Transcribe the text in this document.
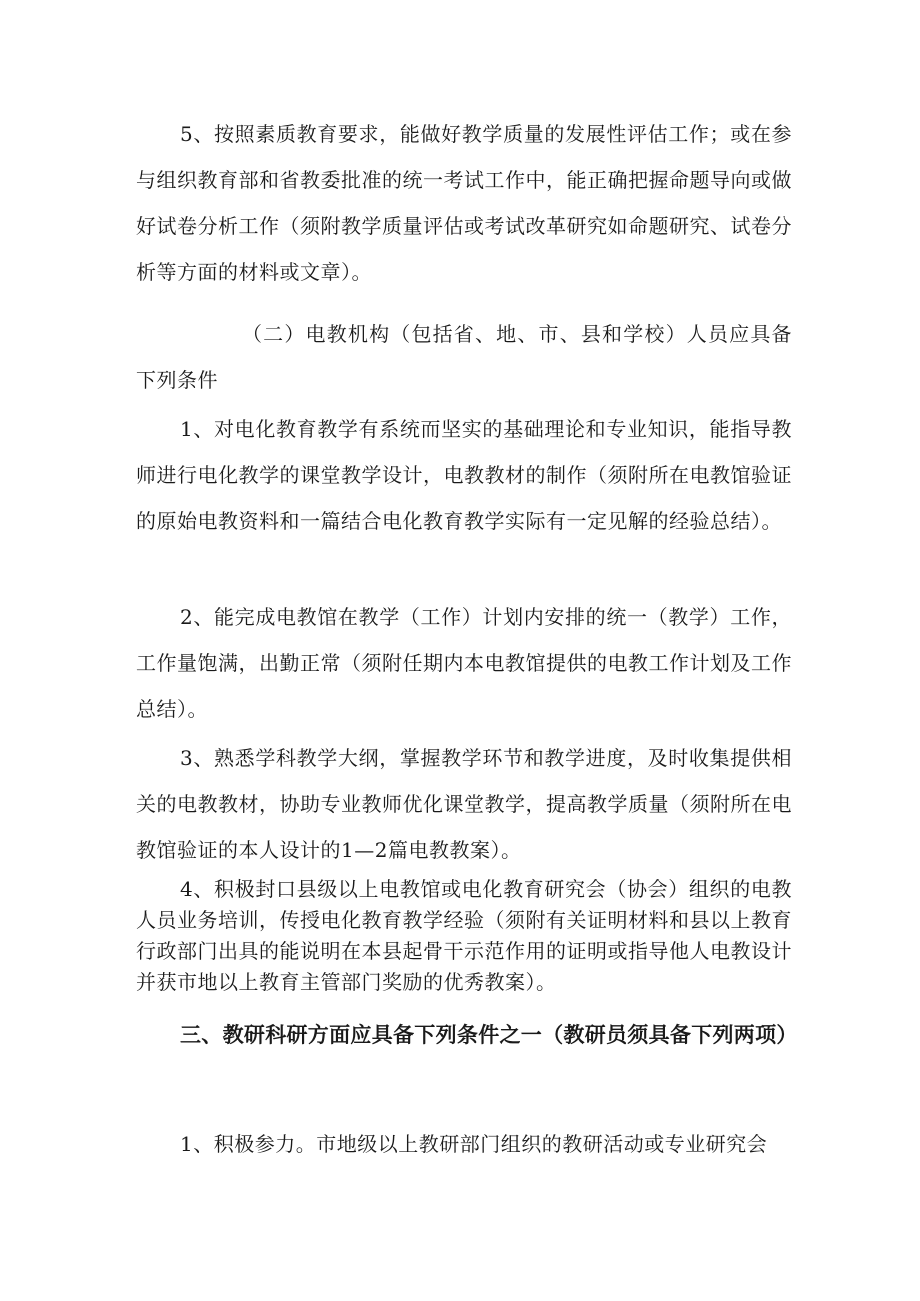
5、按照素质教育要求，能做好教学质量的发展性评估工作；或在参与组织教育部和省教委批准的统一考试工作中，能正确把握命题导向或做好试卷分析工作（须附教学质量评估或考试改革研究如命题研究、试卷分析等方面的材料或文章）。

（二）电教机构（包括省、地、市、县和学校）人员应具备下列条件

1、对电化教育教学有系统而坚实的基础理论和专业知识，能指导教师进行电化教学的课堂教学设计，电教教材的制作（须附所在电教馆验证的原始电教资料和一篇结合电化教育教学实际有一定见解的经验总结）。

2、能完成电教馆在教学（工作）计划内安排的统一（教学）工作，工作量饱满，出勤正常（须附任期内本电教馆提供的电教工作计划及工作总结）。

3、熟悉学科教学大纲，掌握教学环节和教学进度，及时收集提供相关的电教教材，协助专业教师优化课堂教学，提高教学质量（须附所在电教馆验证的本人设计的1—2篇电教教案）。

4、积极封口县级以上电教馆或电化教育研究会（协会）组织的电教人员业务培训，传授电化教育教学经验（须附有关证明材料和县以上教育行政部门出具的能说明在本县起骨干示范作用的证明或指导他人电教设计并获市地以上教育主管部门奖励的优秀教案）。

三、教研科研方面应具备下列条件之一（教研员须具备下列两项）

1、积极参力。市地级以上教研部门组织的教研活动或专业研究会
